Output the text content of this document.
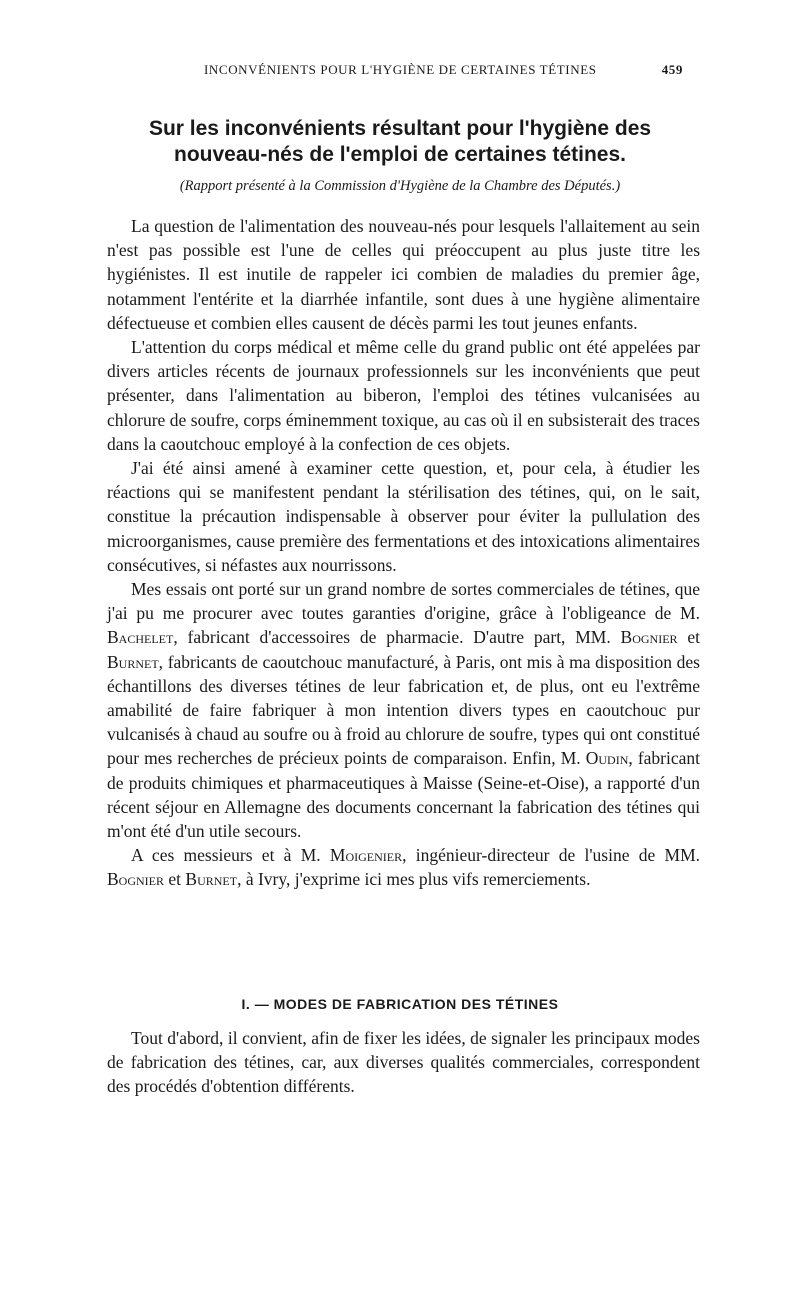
INCONVÉNIENTS POUR L'HYGIÈNE DE CERTAINES TÉTINES	459
Sur les inconvénients résultant pour l'hygiène des nouveau-nés de l'emploi de certaines tétines.
(Rapport présenté à la Commission d'Hygiène de la Chambre des Députés.)

La question de l'alimentation des nouveau-nés pour lesquels l'allaitement au sein n'est pas possible est l'une de celles qui préoccupent au plus juste titre les hygiénistes. Il est inutile de rappeler ici combien de maladies du premier âge, notamment l'entérite et la diarrhée infantile, sont dues à une hygiène alimentaire défectueuse et combien elles causent de décès parmi les tout jeunes enfants.

L'attention du corps médical et même celle du grand public ont été appelées par divers articles récents de journaux professionnels sur les inconvénients que peut présenter, dans l'alimentation au biberon, l'emploi des tétines vulcanisées au chlorure de soufre, corps éminemment toxique, au cas où il en subsisterait des traces dans la caoutchouc employé à la confection de ces objets.

J'ai été ainsi amené à examiner cette question, et, pour cela, à étudier les réactions qui se manifestent pendant la stérilisation des tétines, qui, on le sait, constitue la précaution indispensable à observer pour éviter la pullulation des microorganismes, cause première des fermentations et des intoxications alimentaires consécutives, si néfastes aux nourrissons.

Mes essais ont porté sur un grand nombre de sortes commerciales de tétines, que j'ai pu me procurer avec toutes garanties d'origine, grâce à l'obligeance de M. Bachelet, fabricant d'accessoires de pharmacie. D'autre part, MM. Bognier et Burnet, fabricants de caoutchouc manufacturé, à Paris, ont mis à ma disposition des échantillons des diverses tétines de leur fabrication et, de plus, ont eu l'extrême amabilité de faire fabriquer à mon intention divers types en caoutchouc pur vulcanisés à chaud au soufre ou à froid au chlorure de soufre, types qui ont constitué pour mes recherches de précieux points de comparaison. Enfin, M. Oudin, fabricant de produits chimiques et pharmaceutiques à Maisse (Seine-et-Oise), a rapporté d'un récent séjour en Allemagne des documents concernant la fabrication des tétines qui m'ont été d'un utile secours.

A ces messieurs et à M. Moigenier, ingénieur-directeur de l'usine de MM. Bognier et Burnet, à Ivry, j'exprime ici mes plus vifs remerciements.

I. — MODES DE FABRICATION DES TÉTINES

Tout d'abord, il convient, afin de fixer les idées, de signaler les principaux modes de fabrication des tétines, car, aux diverses qualités commerciales, correspondent des procédés d'obtention différents.
